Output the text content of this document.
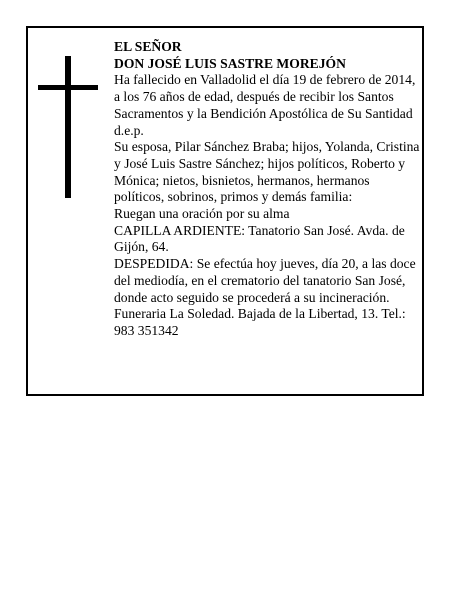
EL SEÑOR

DON JOSÉ LUIS SASTRE MOREJÓN

Ha fallecido en Valladolid el día 19 de febrero de 2014, a los 76 años de edad, después de recibir los Santos Sacramentos y la Bendición Apostólica de Su Santidad d.e.p.

Su esposa, Pilar Sánchez Braba; hijos, Yolanda, Cristina y José Luis Sastre Sánchez; hijos políticos, Roberto y Mónica; nietos, bisnietos, hermanos, hermanos políticos, sobrinos, primos y demás familia:

Ruegan una oración por su alma

CAPILLA ARDIENTE: Tanatorio San José. Avda. de Gijón, 64.

DESPEDIDA: Se efectúa hoy jueves, día 20, a las doce del mediodía, en el crematorio del tanatorio San José, donde acto seguido se procederá a su incineración.

Funeraria La Soledad. Bajada de la Libertad, 13. Tel.: 983 351342
